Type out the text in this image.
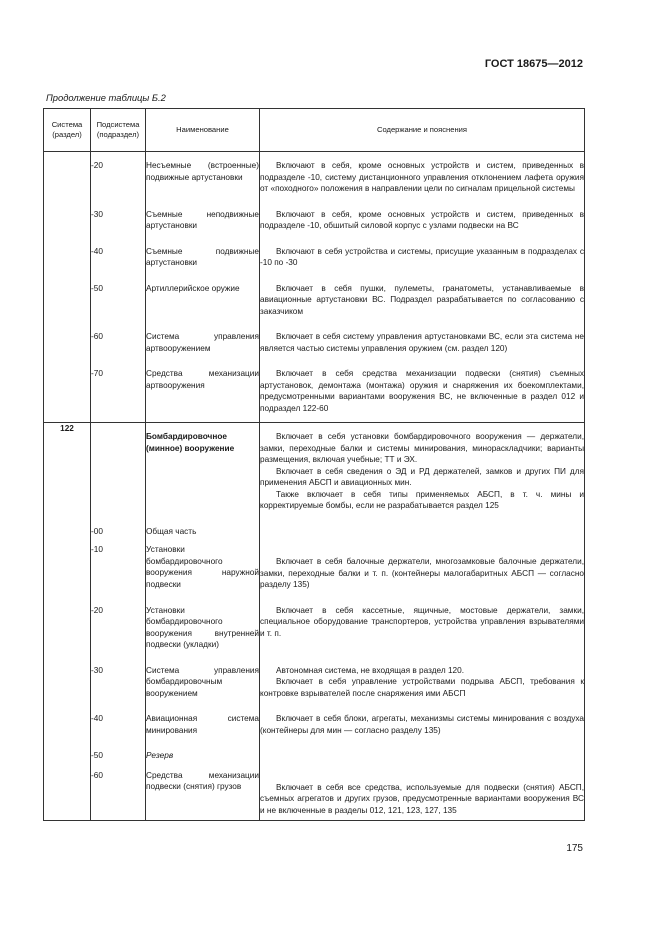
ГОСТ 18675—2012
Продолжение таблицы Б.2
Система (раздел)	Подсистема (подраздел)	Наименование	Содержание и пояснения

	-20	Несъемные (встроенные) подвижные артустановки	Включают в себя, кроме основных устройств и систем, приведенных в подразделе -10, систему дистанционного управления отклонением лафета оружия от «походного» положения в направлении цели по сигналам прицельной системы

	-30	Съемные неподвижные артустановки	Включают в себя, кроме основных устройств и систем, приведенных в подразделе -10, обшитый силовой корпус с узлами подвески на ВС

	-40	Съемные подвижные артустановки	Включают в себя устройства и системы, присущие указанным в подразделах с -10 по -30

	-50	Артиллерийское оружие	Включает в себя пушки, пулеметы, гранатометы, устанавливаемые в авиационные артустановки ВС. Подраздел разрабатывается по согласованию с заказчиком

	-60	Система управления артвооружением	Включает в себя систему управления артустановками ВС, если эта система не является частью системы управления оружием (см. раздел 120)

	-70	Средства механизации артвооружения	Включает в себя средства механизации подвески (снятия) съемных артустановок, демонтажа (монтажа) оружия и снаряжения их боекомплектами, предусмотренными вариантами вооружения ВС, не включенные в раздел 012 и подраздел 122-60

122		Бомбардировочное (минное) вооружение	Включает в себя установки бомбардировочного вооружения — держатели, замки, переходные балки и системы минирования, минораскладчики; варианты размещения, включая учебные; ТТ и ЭХ.
Включает в себя сведения о ЭД и РД держателей, замков и других ПИ для применения АБСП и авиационных мин.
Также включает в себя типы применяемых АБСП, в т. ч. мины и корректируемые бомбы, если не разрабатывается раздел 125

	-00	Общая часть	

	-10	Установки бомбардировочного вооружения наружной подвески	Включает в себя балочные держатели, многозамковые балочные держатели, замки, переходные балки и т. п. (контейнеры малогабаритных АБСП — согласно разделу 135)

	-20	Установки бомбардировочного вооружения внутренней подвески (укладки)	Включает в себя кассетные, ящичные, мостовые держатели, замки, специальное оборудование транспортеров, устройства управления взрывателями и т. п.

	-30	Система управления бомбардировочным вооружением	Автономная система, не входящая в раздел 120.
Включает в себя управление устройствами подрыва АБСП, требования к контровке взрывателей после снаряжения ими АБСП

	-40	Авиационная система минирования	Включает в себя блоки, агрегаты, механизмы системы минирования с воздуха (контейнеры для мин — согласно разделу 135)

	-50	Резерв	

	-60	Средства механизации подвески (снятия) грузов	Включает в себя все средства, используемые для подвески (снятия) АБСП, съемных агрегатов и других грузов, предусмотренные вариантами вооружения ВС и не включенные в разделы 012, 121, 123, 127, 135
175
